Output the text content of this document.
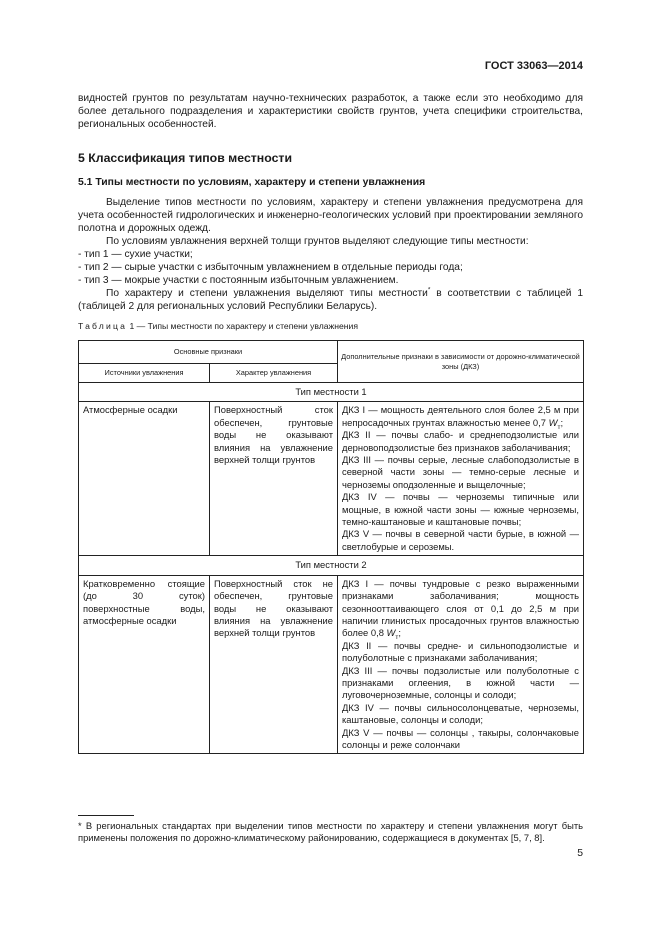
ГОСТ 33063—2014

видностей грунтов по результатам научно-технических разработок, а также если это необходимо для более детального подразделения и характеристики свойств грунтов, учета специфики строительства, региональных особенностей.

5 Классификация типов местности
5.1 Типы местности по условиям, характеру и степени увлажнения

Выделение типов местности по условиям, характеру и степени увлажнения предусмотрена для учета особенностей гидрологических и инженерно-геологических условий при проектировании земляного полотна и дорожных одежд.

По условиям увлажнения верхней толщи грунтов выделяют следующие типы местности:

- тип 1 — сухие участки;

- тип 2 — сырые участки с избыточным увлажнением в отдельные периоды года;

- тип 3 — мокрые участки с постоянным избыточным увлажнением.

По характеру и степени увлажнения выделяют типы местности* в соответствии с таблицей 1 (таблицей 2 для региональных условий Республики Беларусь).

Таблица 1 — Типы местности по характеру и степени увлажнения
Основные признаки		Дополнительные признаки в зависимости от дорожно-климатической зоны (ДКЗ)
Источники увлажнения	Характер увлажнения	
Тип местности 1		
Атмосферные осадки	Поверхностный сток обеспечен, грунтовые воды не оказывают влияния на увлажнение верхней толщи грунтов	ДКЗ I — мощность деятельного слоя более 2,5 м при непросадочных грунтах влажностью менее 0,7 $W_т$;
ДКЗ II — почвы слабо- и среднеподзолистые или дерновоподзолистые без признаков заболачивания;
ДКЗ III — почвы серые, лесные слабоподзолистые в северной части зоны — темно-серые лесные и черноземы оподзоленные и выщелочные;
ДКЗ IV — почвы — черноземы типичные или мощные, в южной части зоны — южные черноземы, темно-каштановые и каштановые почвы;
ДКЗ V — почвы в северной части бурые, в южной — светлобурые и сероземы.

Тип местности 2		
Кратковременно стоящие (до 30 суток) поверхностные воды, атмосферные осадки	Поверхностный сток не обеспечен, грунтовые воды не оказывают влияния на увлажнение верхней толщи грунтов	ДКЗ I — почвы тундровые с резко выраженными признаками заболачивания; мощность сезоннооттаивающего слоя от 0,1 до 2,5 м при напичии глинистых просадочных грунтов влажностью более 0,8 $W_т$;
ДКЗ II — почвы средне- и сильноподзолистые и полуболотные с признаками заболачивания;
ДКЗ III — почвы подзолистые или полуболотные с признаками оглеения, в южной части — луговочерноземные, солонцы и солоди;
ДКЗ IV — почвы сильносолонцеватые, черноземы, каштановые, солонцы и солоди;
ДКЗ V — почвы — солонцы , такыры, солончаковые солонцы и реже солончаки
* В региональных стандартах при выделении типов местности по характеру и степени увлажнения могут быть применены положения по дорожно-климатическому районированию, содержащиеся в документах [5, 7, 8].
5
